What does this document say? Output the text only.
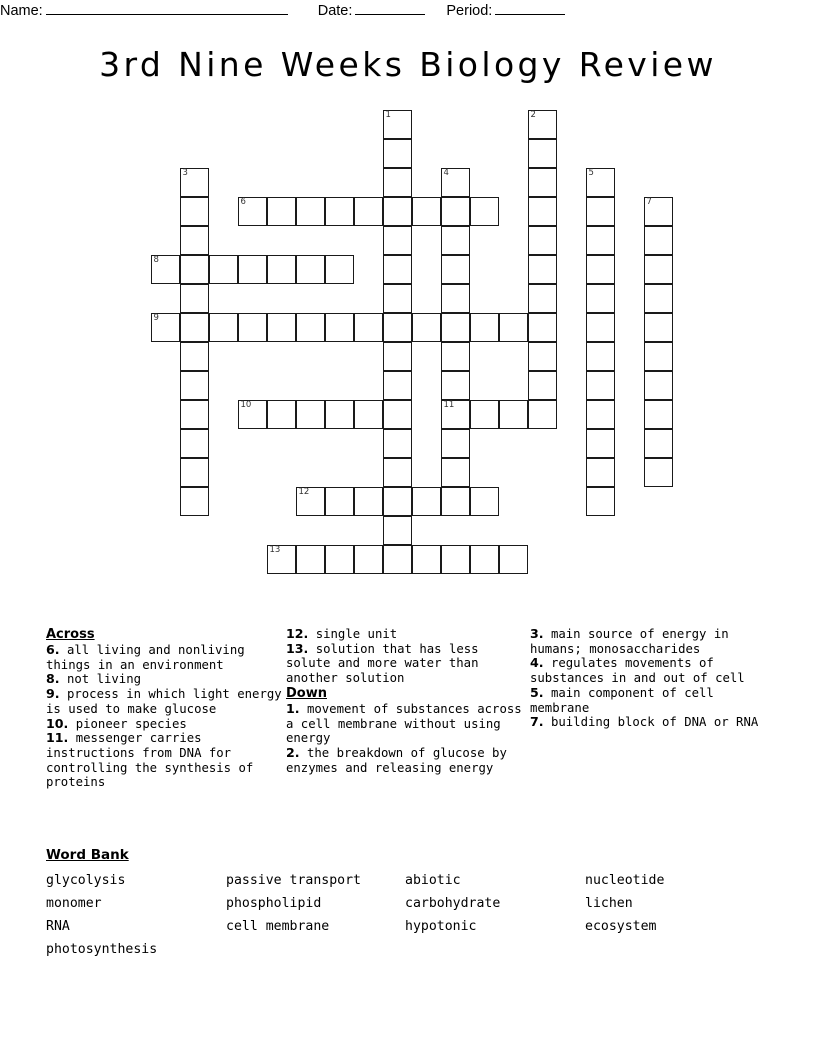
Name:	Date:	Period:
3rd Nine Weeks Biology Review
1	2
3	4	5
6	7
8
9
10	11
12
13
Across
6. all living and nonliving things in an environment
8. not living
9. process in which light energy is used to make glucose
10. pioneer species
11. messenger carries instructions from DNA for controlling the synthesis of proteins
12. single unit
13. solution that has less solute and more water than another solution
Down
1. movement of substances across a cell membrane without using energy
2. the breakdown of glucose by enzymes and releasing energy
3. main source of energy in humans; monosaccharides
4. regulates movements of substances in and out of cell
5. main component of cell membrane
7. building block of DNA or RNA
Word Bank
glycolysis	passive transport	abiotic	nucleotide
monomer	phospholipid	carbohydrate	lichen
RNA	cell membrane	hypotonic	ecosystem
photosynthesis
